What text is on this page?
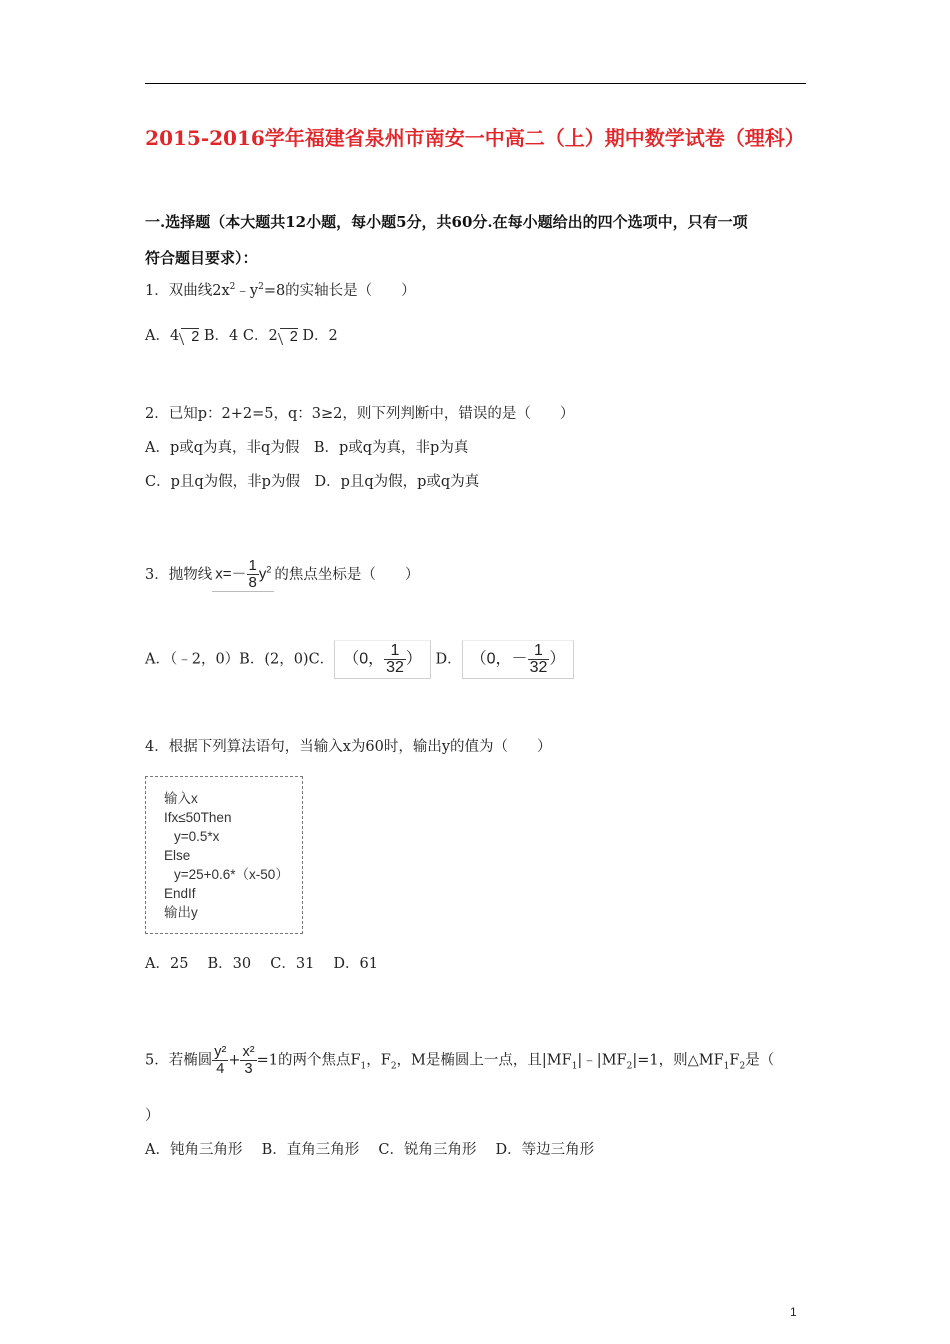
2015-2016学年福建省泉州市南安一中高二（上）期中数学试卷（理科）
一.选择题（本大题共12小题，每小题5分，共60分.在每小题给出的四个选项中，只有一项
符合题目要求）：
1．双曲线$2x^2﹣y^2=8$的实轴长是（　　）
A．4 2 B．4 C．2 2 D．2
2．已知p：2+2=5，q：3≥2，则下列判断中，错误的是（　　）
A．p或q为真，非q为假　B．p或q为真，非p为真
C．p且q为假，非p为假　D．p且q为假，p或q为真
3．抛物线 $x=- \frac{1}{8} y^2$ 的焦点坐标是（　　）
A．（﹣2，0）B．(2，0)C． （0， $\frac{1}{32}$ ） D． （0，－ $\frac{1}{32}$ ）
4．根据下列算法语句，当输入x为60时，输出y的值为（　　）
输入x
Ifx≤50Then
y=0.5*x
Else
y=25+0.6*（x-50）
EndIf
输出y
A．25　 B．30　 C．31　 D．61
5．若椭圆 $\frac{\text{y²}}{4} + \frac{\text{x²}}{3} =1$的两个焦点$F_1$，$F_2$，M是椭圆上一点，且$|MF_1|﹣|MF_2|=1$，则$\triangle MF_1F_2$是（
）
A．钝角三角形　 B．直角三角形　 C．锐角三角形　 D．等边三角形
1
